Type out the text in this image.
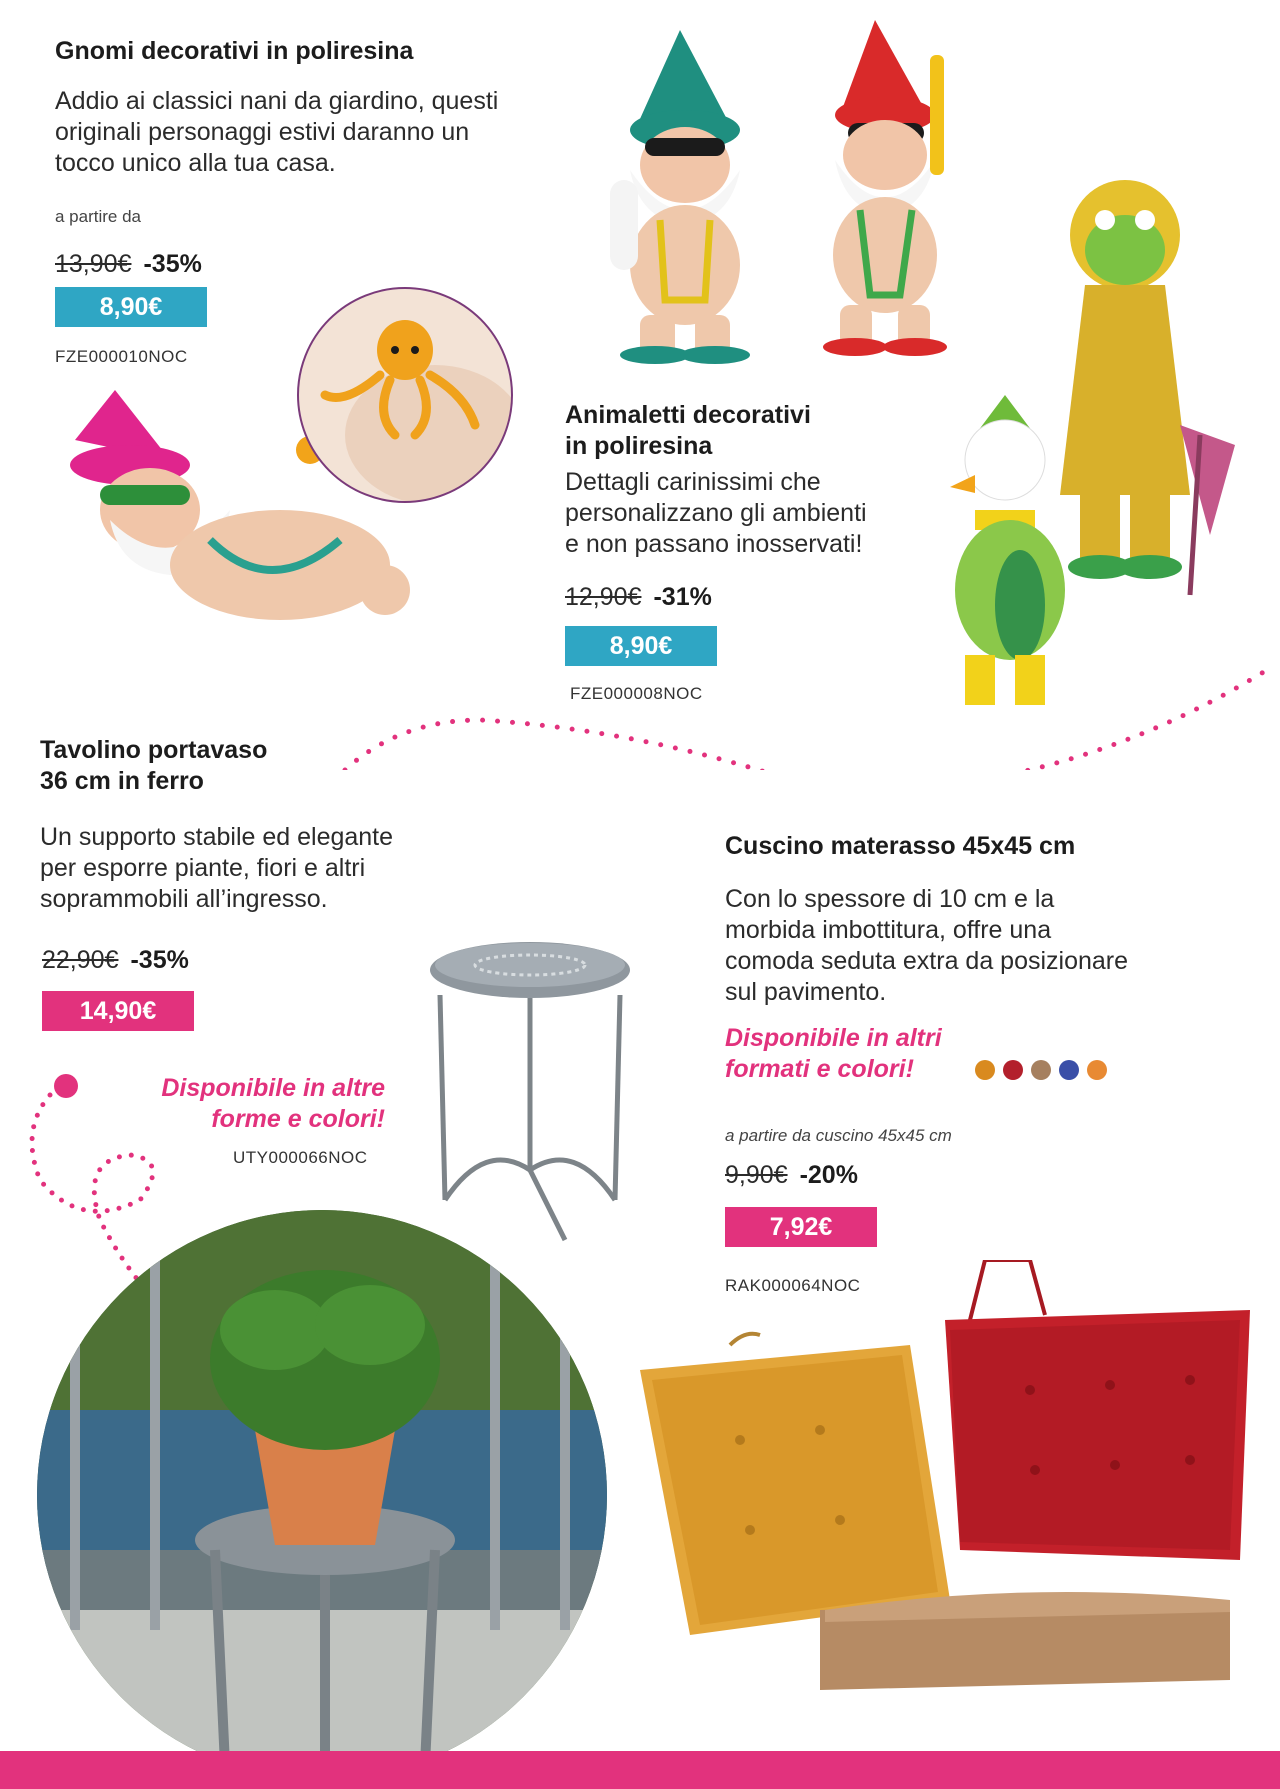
Gnomi decorativi in poliresina
Addio ai classici nani da giardino, questi
originali personaggi estivi daranno un
tocco unico alla tua casa.
a partire da
13,90€ -35%
8,90€
FZE000010NOC
Animaletti decorativi
in poliresina
Dettagli carinissimi che
personalizzano gli ambienti
e non passano inosservati!
12,90€ -31%
8,90€
FZE000008NOC
Tavolino portavaso
36 cm in ferro
Un supporto stabile ed elegante
per esporre piante, fiori e altri
soprammobili all’ingresso.
22,90€ -35%
14,90€
Disponibile in altre
forme e colori!
UTY000066NOC
Cuscino materasso 45x45 cm
Con lo spessore di 10 cm e la
morbida imbottitura, offre una
comoda seduta extra da posizionare
sul pavimento.
Disponibile in altri
formati e colori!
a partire da cuscino 45x45 cm
9,90€ -20%
7,92€
RAK000064NOC
